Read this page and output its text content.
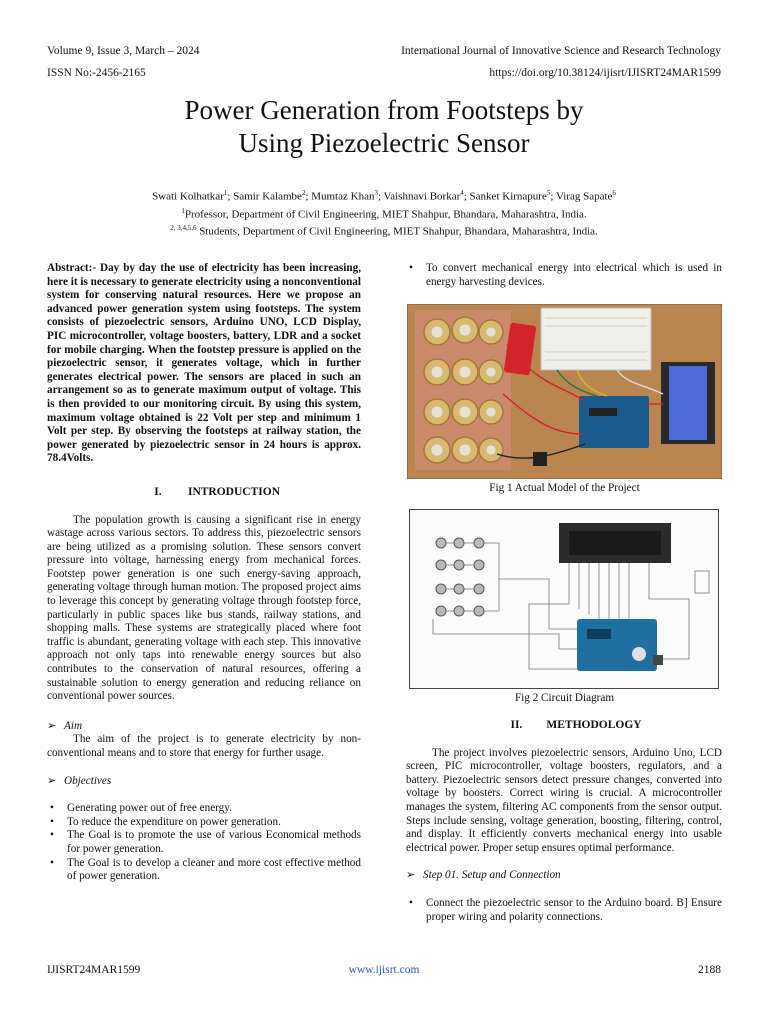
Volume 9, Issue 3, March – 2024	International Journal of Innovative Science and Research Technology
ISSN No:-2456-2165	https://doi.org/10.38124/ijisrt/IJISRT24MAR1599
Power Generation from Footsteps by
Using Piezoelectric Sensor
Swati Kolhatkar$^1$; Samir Kalambe$^2$; Mumtaz Khan$^3$; Vaishnavi Borkar$^4$; Sanket Kirnapure$^5$; Virag Sapate$^6$
$^1$Professor, Department of Civil Engineering, MIET Shahpur, Bhandara, Maharashtra, India.
$^{2, 3,4,5,6}$ Students, Department of Civil Engineering, MIET Shahpur, Bhandara, Maharashtra, India.

Abstract:- Day by day the use of electricity has been increasing, here it is necessary to generate electricity using a nonconventional system for conserving natural resources. Here we propose an advanced power generation system using footsteps. The system consists of piezoelectric sensors, Arduino UNO, LCD Display, PIC microcontroller, voltage boosters, battery, LDR and a socket for mobile charging. When the footstep pressure is applied on the piezoelectric sensor, it generates voltage, which in further generates electrical power. The sensors are placed in such an arrangement so as to generate maximum output of voltage. This is then provided to our monitoring circuit. By using this system, maximum voltage obtained is 22 Volt per step and minimum 1 Volt per step. By observing the footsteps at railway station, the power generated by piezoelectric sensor in 24 hours is approx. 78.4Volts.

I. INTRODUCTION

The population growth is causing a significant rise in energy wastage across various sectors. To address this, piezoelectric sensors are being utilized as a promising solution. These sensors convert pressure into voltage, harnessing energy from mechanical forces. Footstep power generation is one such energy-saving approach, generating voltage through human motion. The proposed project aims to leverage this concept by generating voltage through footstep force, particularly in public spaces like bus stands, railway stations, and shopping malls. These systems are strategically placed where foot traffic is abundant, generating voltage with each step. This innovative approach not only taps into renewable energy sources but also contributes to the conservation of natural resources, offering a sustainable solution to energy generation and reducing reliance on conventional power sources.

➢ Aim

The aim of the project is to generate electricity by non-conventional means and to store that energy for further usage.

➢ Objectives
• Generating power out of free energy.
• To reduce the expenditure on power generation.
• The Goal is to promote the use of various Economical methods for power generation.
• The Goal is to develop a cleaner and more cost effective method of power generation.
• To convert mechanical energy into electrical which is used in energy harvesting devices.
Fig 1 Actual Model of the Project
Fig 2 Circuit Diagram
II. METHODOLOGY

The project involves piezoelectric sensors, Arduino Uno, LCD screen, PIC microcontroller, voltage boosters, regulators, and a battery. Piezoelectric sensors detect pressure changes, converted into voltage by boosters. Correct wiring is crucial. A microcontroller manages the system, filtering AC components from the sensor output. Steps include sensing, voltage generation, boosting, filtering, control, and display. It efficiently converts mechanical energy into usable electrical power. Proper setup ensures optimal performance.

➢ Step 01. Setup and Connection
• Connect the piezoelectric sensor to the Arduino board. B] Ensure proper wiring and polarity connections.
IJISRT24MAR1599	www.ijisrt.com	2188
